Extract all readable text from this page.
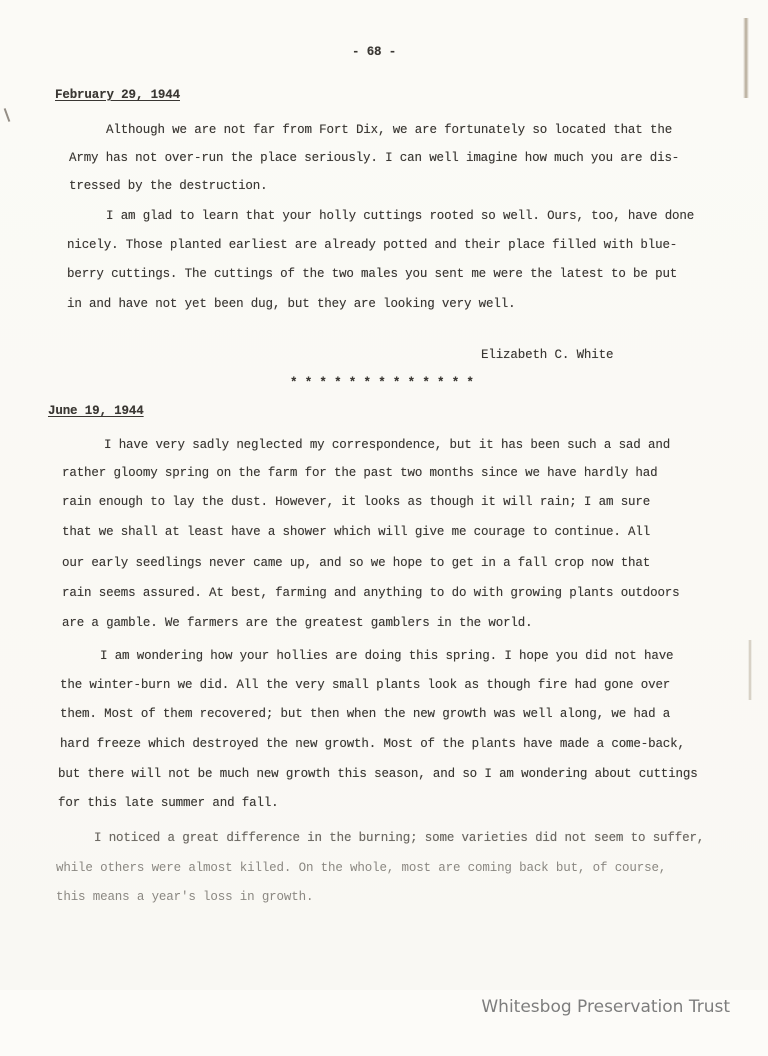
- 68 -
February 29, 1944
Although we are not far from Fort Dix, we are fortunately so located that the
Army has not over-run the place seriously. I can well imagine how much you are dis-
tressed by the destruction.
I am glad to learn that your holly cuttings rooted so well. Ours, too, have done
nicely. Those planted earliest are already potted and their place filled with blue-
berry cuttings. The cuttings of the two males you sent me were the latest to be put
in and have not yet been dug, but they are looking very well.
Elizabeth C. White
* * * * * * * * * * * * *
June 19, 1944
I have very sadly neglected my correspondence, but it has been such a sad and
rather gloomy spring on the farm for the past two months since we have hardly had
rain enough to lay the dust. However, it looks as though it will rain; I am sure
that we shall at least have a shower which will give me courage to continue. All
our early seedlings never came up, and so we hope to get in a fall crop now that
rain seems assured. At best, farming and anything to do with growing plants outdoors
are a gamble. We farmers are the greatest gamblers in the world.
I am wondering how your hollies are doing this spring. I hope you did not have
the winter-burn we did. All the very small plants look as though fire had gone over
them. Most of them recovered; but then when the new growth was well along, we had a
hard freeze which destroyed the new growth. Most of the plants have made a come-back,
but there will not be much new growth this season, and so I am wondering about cuttings
for this late summer and fall.
I noticed a great difference in the burning; some varieties did not seem to suffer,
while others were almost killed. On the whole, most are coming back but, of course,
this means a year's loss in growth.
Whitesbog Preservation Trust
